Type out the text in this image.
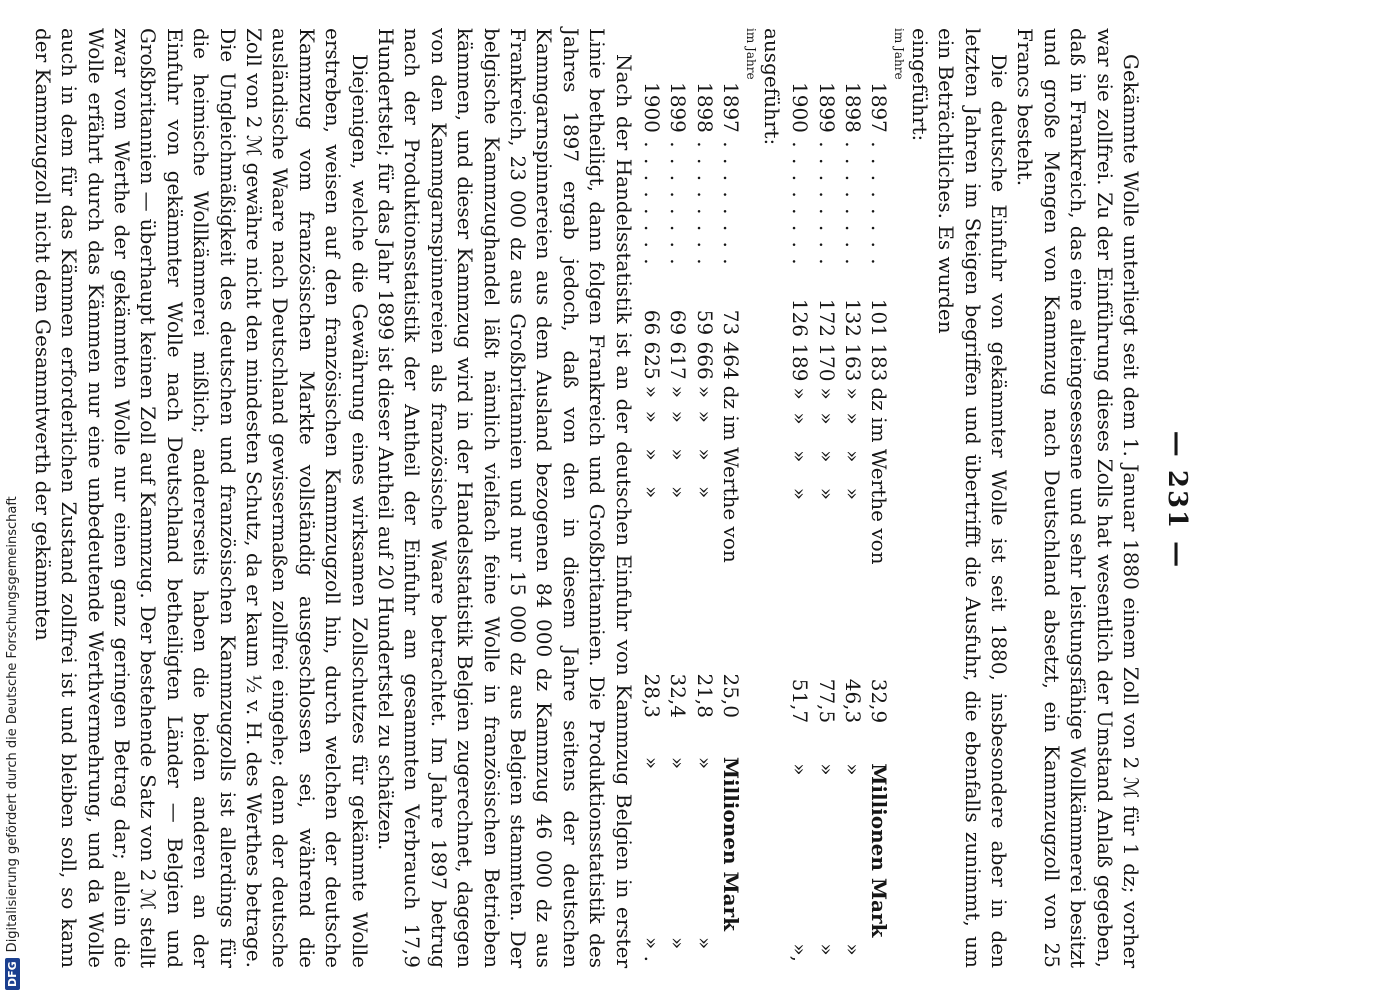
— 231 —

Gekämmte Wolle unterliegt seit dem 1. Januar 1880 einem Zoll von 2 ℳ für 1 dz; vorher war sie zollfrei. Zu der Einführung dieses Zolls hat wesentlich der Umstand Anlaß gegeben, daß in Frankreich, das eine alteingesessene und sehr leistungsfähige Wollkämmerei besitzt und große Mengen von Kammzug nach Deutschland absetzt, ein Kammzugzoll von 25 Francs besteht.

Die deutsche Einfuhr von gekämmter Wolle ist seit 1880, insbesondere aber in den letzten Jahren im Steigen begriffen und übertrifft die Ausfuhr, die ebenfalls zunimmt, um ein Beträchtliches. Es wurden

eingeführt:

im Jahre

1897 . . . . . . . .	101 183	dz im Werthe von	32,9	Millionen Mark	
1898 . . . . . . . .	132 163	»  »    »    »	46,3	»	»
1899 . . . . . . . .	172 170	»  »    »    »	77,5	»	»
1900 . . . . . . . .	126 189	»  »    »    »	51,7	»	»,

ausgeführt:

im Jahre

1897 . . . . . . . .	73 464	dz im Werthe von	25,0	Millionen Mark	
1898 . . . . . . . .	59 666	»  »    »    »	21,8	»	»
1899 . . . . . . . .	69 617	»  »    »    »	32,4	»	»
1900 . . . . . . . .	66 625	»  »    »    »	28,3	»	» .

Nach der Handelsstatistik ist an der deutschen Einfuhr von Kammzug Belgien in erster Linie betheiligt, dann folgen Frankreich und Großbritannien. Die Produktionsstatistik des Jahres 1897 ergab jedoch, daß von den in diesem Jahre seitens der deutschen Kammgarnspinnereien aus dem Ausland bezogenen 84 000 dz Kammzug 46 000 dz aus Frankreich, 23 000 dz aus Großbritannien und nur 15 000 dz aus Belgien stammten. Der belgische Kammzughandel läßt nämlich vielfach feine Wolle in französischen Betrieben kämmen, und dieser Kammzug wird in der Handelsstatistik Belgien zugerechnet, dagegen von den Kammgarnspinnereien als französische Waare betrachtet. Im Jahre 1897 betrug nach der Produktionsstatistik der Antheil der Einfuhr am gesammten Verbrauch 17,9 Hundertstel; für das Jahr 1899 ist dieser Antheil auf 20 Hundertstel zu schätzen.

Diejenigen, welche die Gewährung eines wirksamen Zollschutzes für gekämmte Wolle erstreben, weisen auf den französischen Kammzugzoll hin, durch welchen der deutsche Kammzug vom französischen Markte vollständig ausgeschlossen sei, während die ausländische Waare nach Deutschland gewissermaßen zollfrei eingehe; denn der deutsche Zoll von 2 ℳ gewähre nicht den mindesten Schutz, da er kaum ½ v. H. des Werthes betrage. Die Ungleichmäßigkeit des deutschen und französischen Kammzugzolls ist allerdings für die heimische Wollkämmerei mißlich; andererseits haben die beiden anderen an der Einfuhr von gekämmter Wolle nach Deutschland betheiligten Länder — Belgien und Großbritannien — überhaupt keinen Zoll auf Kammzug. Der bestehende Satz von 2 ℳ stellt zwar vom Werthe der gekämmten Wolle nur einen ganz geringen Betrag dar; allein die Wolle erfährt durch das Kämmen nur eine unbedeutende Werthvermehrung, und da Wolle auch in dem für das Kämmen erforderlichen Zustand zollfrei ist und bleiben soll, so kann der Kammzugzoll nicht dem Gesammtwerth der gekämmten

DFG
Digitalisierung gefördert durch die Deutsche Forschungsgemeinschaft
